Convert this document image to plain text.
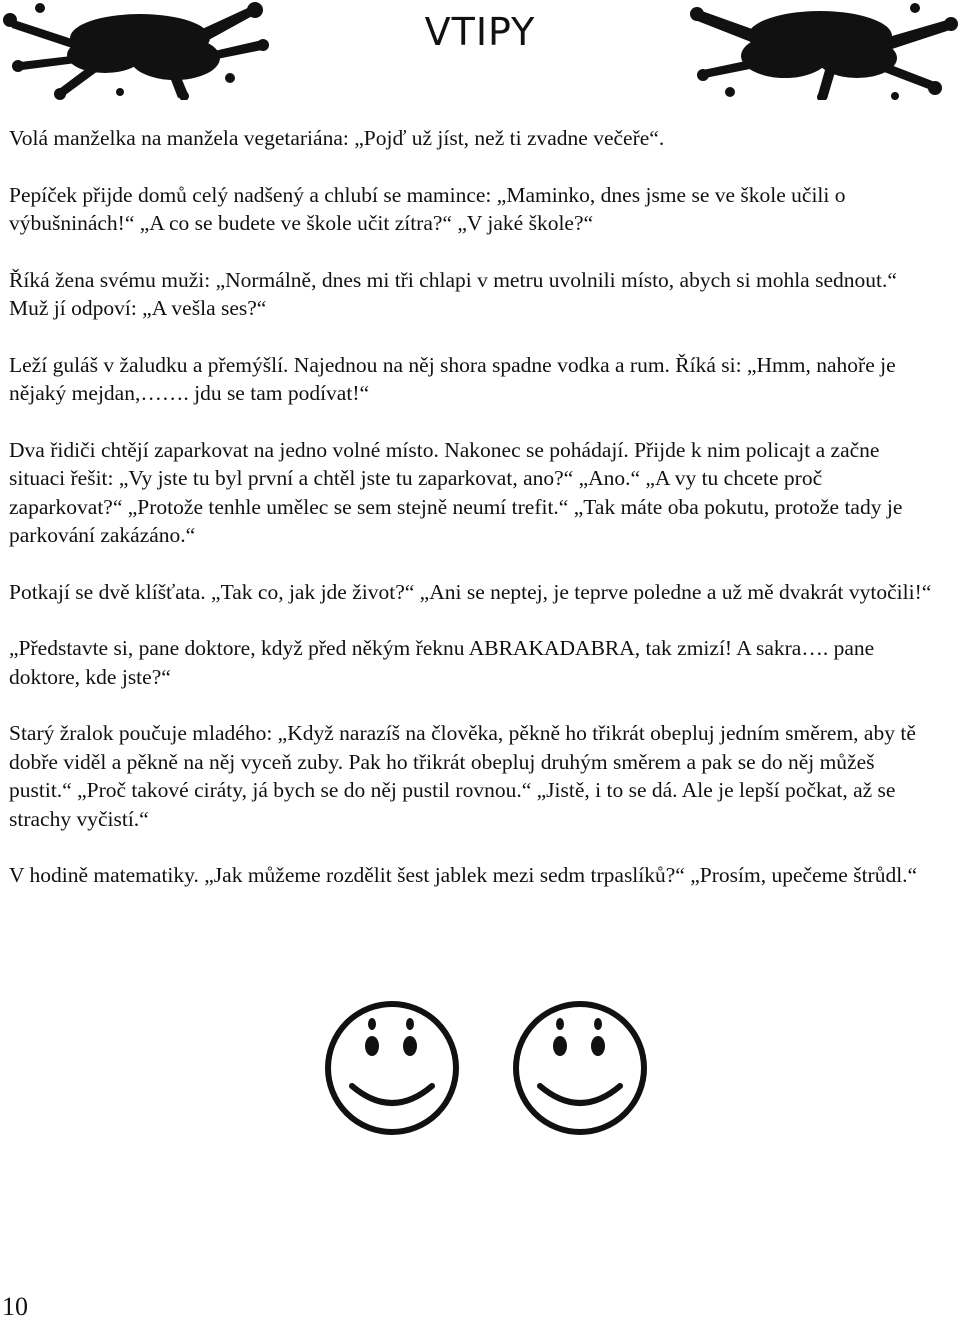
VTIPY

Volá manželka na manžela vegetariána: „Pojď už jíst, než ti zvadne večeře“.

Pepíček přijde domů celý nadšený a chlubí se mamince: „Maminko, dnes jsme se ve škole učili o výbušninách!“ „A co se budete ve škole učit zítra?“ „V jaké škole?“

Říká žena svému muži: „Normálně, dnes mi tři chlapi v metru uvolnili místo, abych si mohla sednout.“ Muž jí odpoví: „A vešla ses?“

Leží guláš v žaludku a přemýšlí. Najednou na něj shora spadne vodka a rum. Říká si: „Hmm, nahoře je nějaký mejdan,……. jdu se tam podívat!“

Dva řidiči chtějí zaparkovat na jedno volné místo. Nakonec se pohádají. Přijde k nim policajt a začne situaci řešit: „Vy jste tu byl první a chtěl jste tu zaparkovat, ano?“ „Ano.“ „A vy tu chcete proč zaparkovat?“ „Protože tenhle umělec se sem stejně neumí trefit.“ „Tak máte oba pokutu, protože tady je parkování zakázáno.“

Potkají se dvě klíšťata. „Tak co, jak jde život?“ „Ani se neptej, je teprve poledne a už mě dvakrát vytočili!“

„Představte si, pane doktore, když před někým řeknu ABRAKADABRA, tak zmizí! A sakra…. pane doktore, kde jste?“

Starý žralok poučuje mladého: „Když narazíš na člověka, pěkně ho třikrát obepluj jedním směrem, aby tě dobře viděl a pěkně na něj vyceň zuby. Pak ho třikrát obepluj druhým směrem a pak se do něj můžeš pustit.“ „Proč takové ciráty, já bych se do něj pustil rovnou.“ „Jistě, i to se dá. Ale je lepší počkat, až se strachy vyčistí.“

V hodině matematiky. „Jak můžeme rozdělit šest jablek mezi sedm trpaslíků?“ „Prosím, upečeme štrůdl.“

10
